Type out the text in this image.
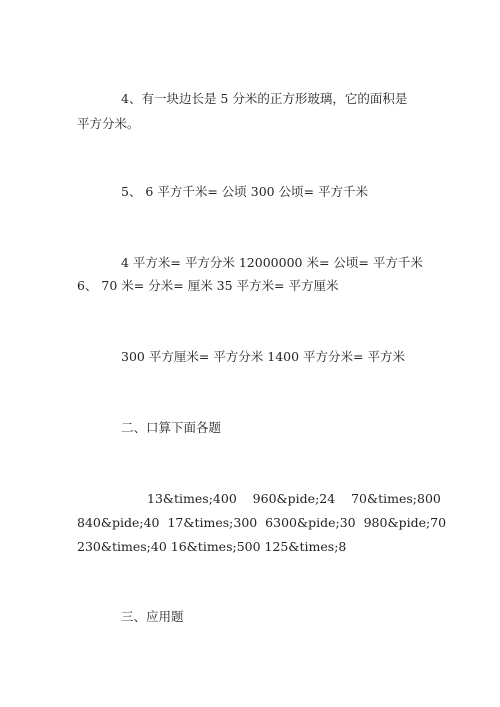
4、有一块边长是 5 分米的正方形玻璃，它的面积是
平方分米。
5、 6 平方千米= 公顷 300 公顷= 平方千米
4 平方米= 平方分米 12000000 米= 公顷= 平方千米
6、 70 米= 分米= 厘米 35 平方米= 平方厘米
300 平方厘米= 平方分米 1400 平方分米= 平方米
二、口算下面各题
13&times;400    960&pide;24    70&times;800
840&pide;40  17&times;300  6300&pide;30  980&pide;70
230&times;40 16&times;500 125&times;8
三、应用题
